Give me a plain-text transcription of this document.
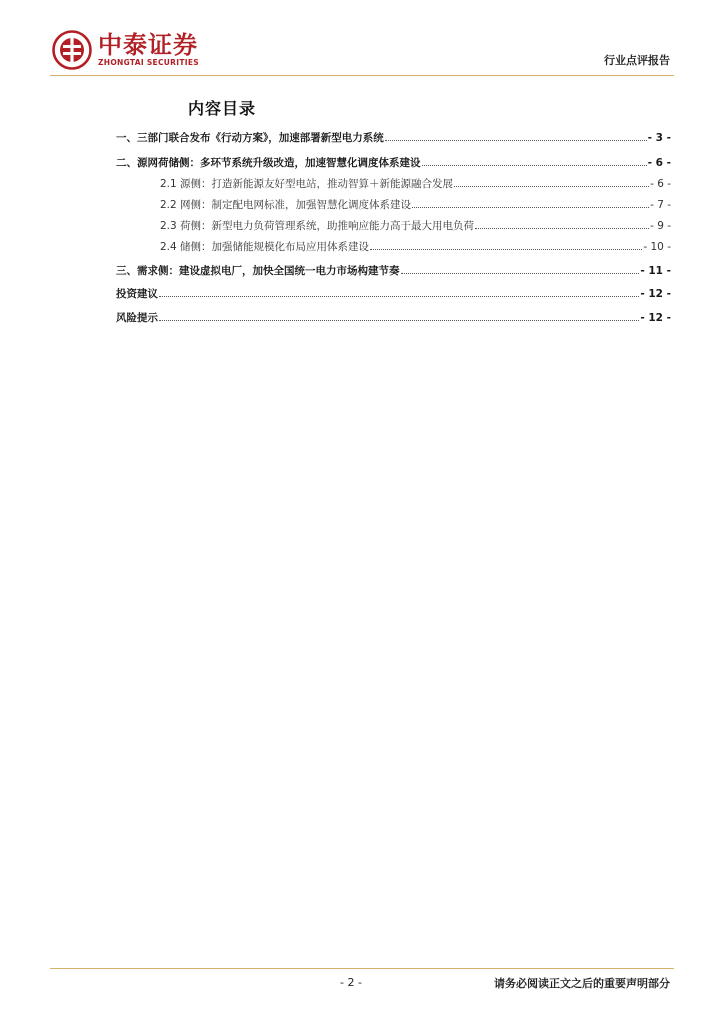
中泰证券
ZHONGTAI SECURITIES	行业点评报告
内容目录
一、三部门联合发布《行动方案》，加速部署新型电力系统	- 3 -
二、源网荷储侧：多环节系统升级改造，加速智慧化调度体系建设	- 6 -
2.1 源侧：打造新能源友好型电站，推动智算＋新能源融合发展	- 6 -
2.2 网侧：制定配电网标准，加强智慧化调度体系建设	- 7 -
2.3 荷侧：新型电力负荷管理系统，助推响应能力高于最大用电负荷	- 9 -
2.4 储侧：加强储能规模化布局应用体系建设	- 10 -
三、需求侧：建设虚拟电厂，加快全国统一电力市场构建节奏	- 11 -
投资建议	- 12 -
风险提示	- 12 -
- 2 -	请务必阅读正文之后的重要声明部分
